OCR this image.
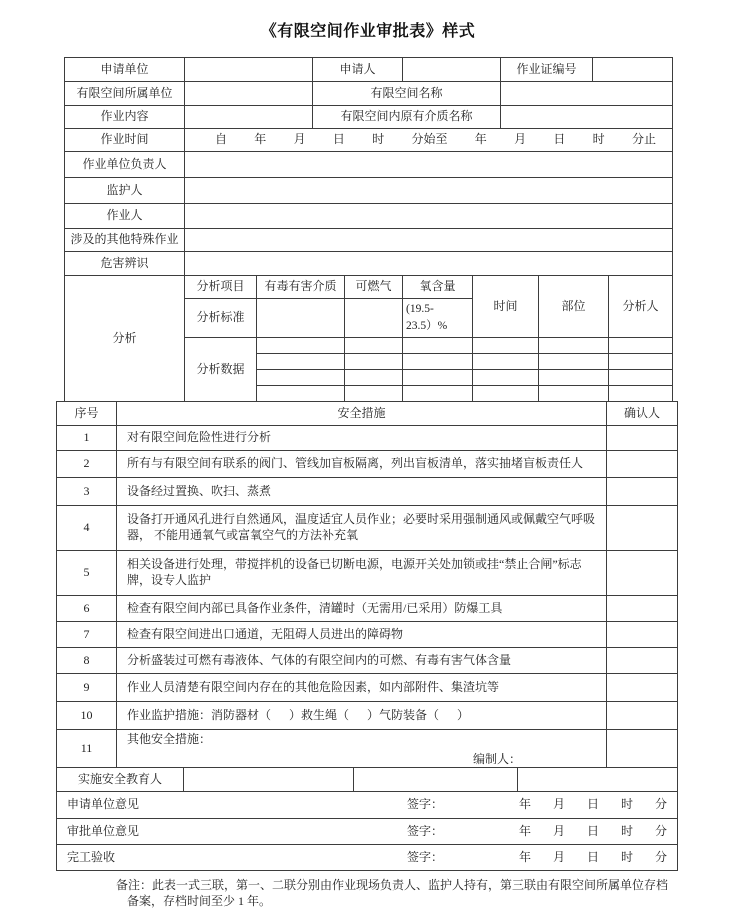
《有限空间作业审批表》样式
申请单位		申请人		作业证编号	
有限空间所属单位		有限空间名称			
作业内容		有限空间内原有介质名称			
作业时间	自 年 月 日 时 分始至 年 月 日 时 分止

作业单位负责人					
监护人					
作业人					
涉及的其他特殊作业					
危害辨识					
分析	分析项目	有毒有害介质	可燃气	氧含量	时间	部位	分析人
	分析标准			(19.5-
23.5）%			

	分析数据						

序号	安全措施	确认人
1	对有限空间危险性进行分析	
2	所有与有限空间有联系的阀门、管线加盲板隔离，列出盲板清单，落实抽堵盲板责任人	
3	设备经过置换、吹扫、蒸煮	
4	设备打开通风孔进行自然通风，温度适宜人员作业；必要时采用强制通风或佩戴空气呼吸器， 不能用通氧气或富氧空气的方法补充氧	
5	相关设备进行处理，带搅拌机的设备已切断电源，电源开关处加锁或挂“禁止合闸”标志牌，设专人监护	
6	检查有限空间内部已具备作业条件，清罐时（无需用/已采用）防爆工具	
7	检查有限空间进出口通道，无阻碍人员进出的障碍物	
8	分析盛装过可燃有毒液体、气体的有限空间内的可燃、有毒有害气体含量	
9	作业人员清楚有限空间内存在的其他危险因素，如内部附件、集渣坑等	
10	作业监护措施：消防器材（      ）救生绳（      ）气防装备（      ）	
11	其他安全措施：
编制人：	

实施安全教育人			
申请单位意见	签字：	年 月 日 时 分

审批单位意见	签字：	年 月 日 时 分

完工验收	签字：	年 月 日 时 分
备注：此表一式三联，第一、二联分别由作业现场负责人、监护人持有，第三联由有限空间所属单位存档
备案，存档时间至少 1 年。
